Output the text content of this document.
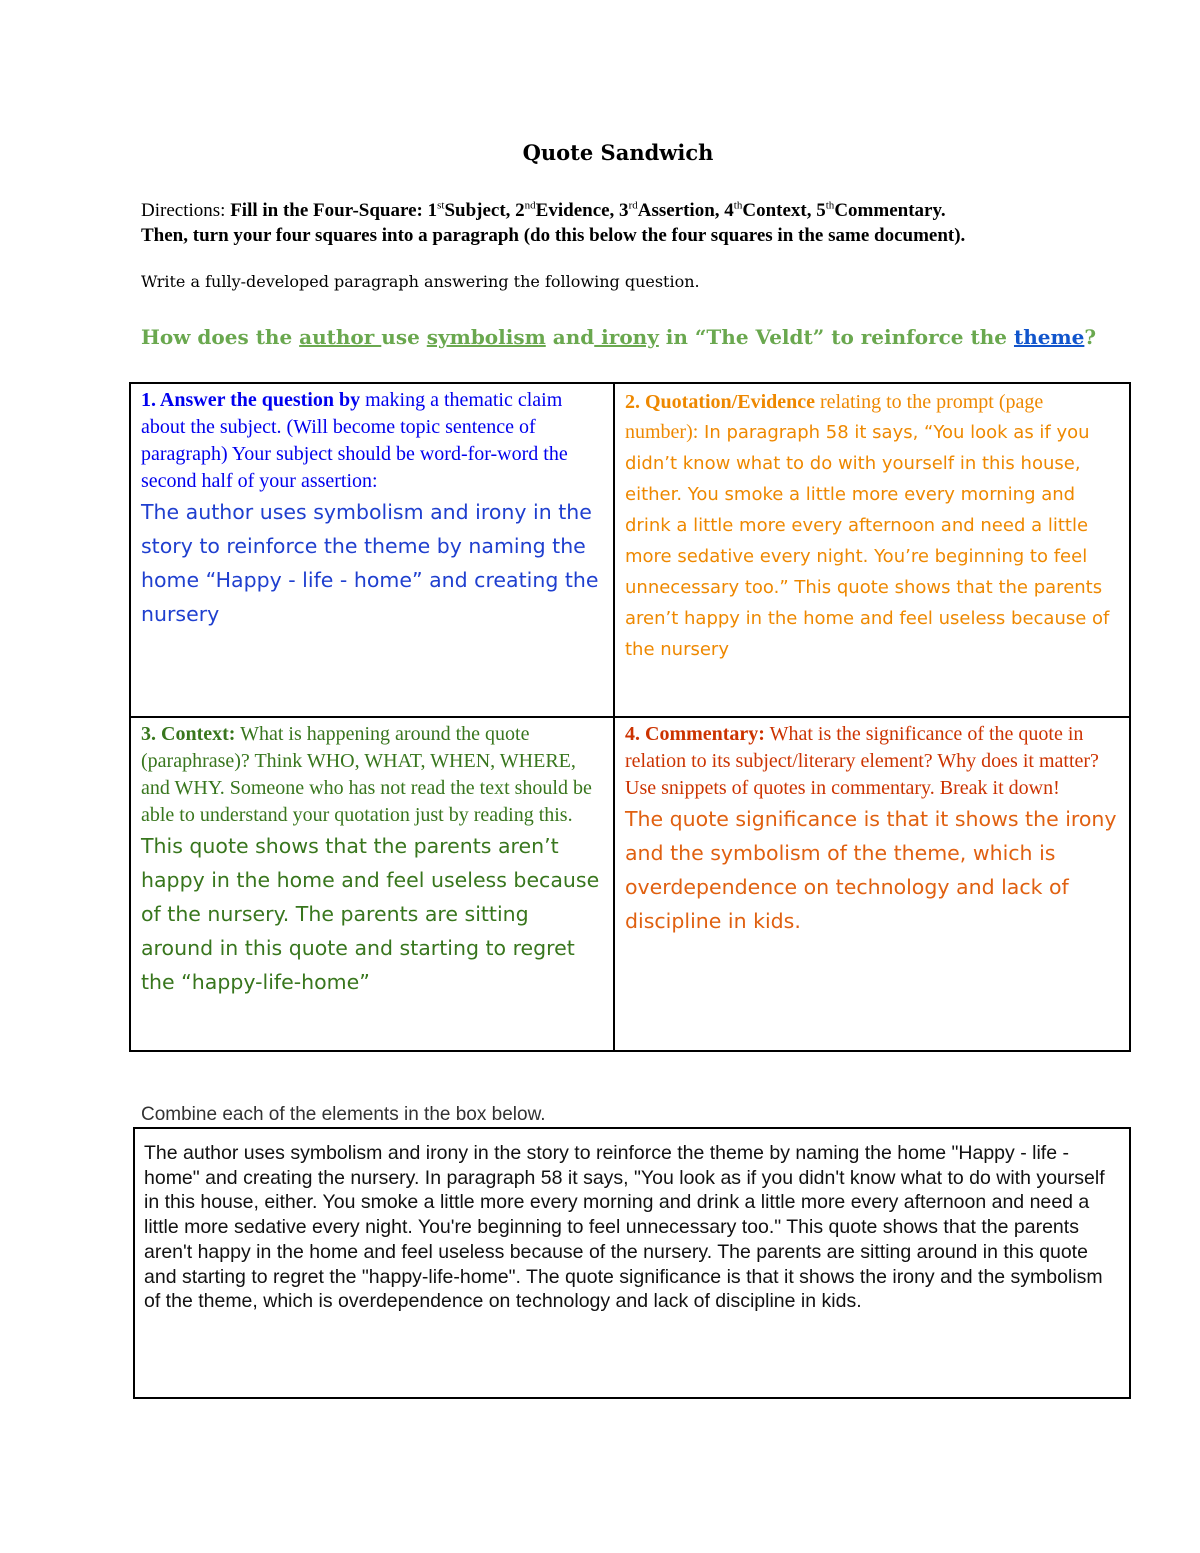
Quote Sandwich
Directions: Fill in the Four-Square: 1stSubject, 2ndEvidence, 3rdAssertion, 4thContext, 5thCommentary.
Then, turn your four squares into a paragraph (do this below the four squares in the same document).
Write a fully-developed paragraph answering the following question.
How does the author use symbolism and irony in “The Veldt” to reinforce the theme?

1. Answer the question by making a thematic claim about the subject. (Will become topic sentence of paragraph) Your subject should be word-for-word the second half of your assertion:

The author uses symbolism and irony in the story to reinforce the theme by naming the home “Happy - life - home” and creating the nursery

2. Quotation/Evidence relating to the prompt (page number): In paragraph 58 it says, “You look as if you didn’t know what to do with yourself in this house, either. You smoke a little more every morning and drink a little more every afternoon and need a little more sedative every night. You’re beginning to feel unnecessary too.” This quote shows that the parents aren’t happy in the home and feel useless because of the nursery

3. Context: What is happening around the quote (paraphrase)? Think WHO, WHAT, WHEN, WHERE, and WHY. Someone who has not read the text should be able to understand your quotation just by reading this.

This quote shows that the parents aren’t happy in the home and feel useless because of the nursery. The parents are sitting around in this quote and starting to regret the “happy-life-home”

4. Commentary: What is the significance of the quote in relation to its subject/literary element? Why does it matter? Use snippets of quotes in commentary. Break it down!

The quote significance is that it shows the irony and the symbolism of the theme, which is overdependence on technology and lack of discipline in kids.

Combine each of the elements in the box below.

The author uses symbolism and irony in the story to reinforce the theme by naming the home "Happy - life - home" and creating the nursery. In paragraph 58 it says, "You look as if you didn't know what to do with yourself in this house, either. You smoke a little more every morning and drink a little more every afternoon and need a little more sedative every night. You're beginning to feel unnecessary too." This quote shows that the parents aren't happy in the home and feel useless because of the nursery. The parents are sitting around in this quote and starting to regret the "happy-life-home". The quote significance is that it shows the irony and the symbolism of the theme, which is overdependence on technology and lack of discipline in kids.
